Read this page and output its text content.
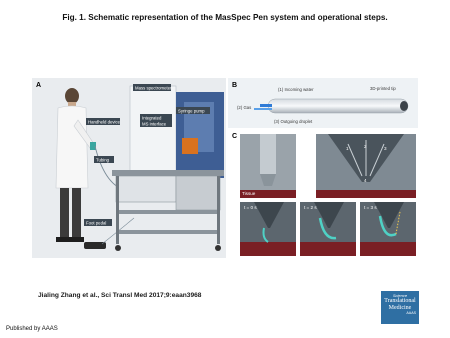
Fig. 1. Schematic representation of the MasSpec Pen system and operational steps.

A	Mass spectrometer
Syringe pump
Integrated
MS interface
Handheld device
Tubing
Foot pedal
B
(1) Incoming water
(2) Gas
(3) Outgoing droplet
3D-printed tip
C
Tissue
1	2	3
4
t = 0 s	t = 2 s	t = 3 s
Jialing Zhang et al., Sci Transl Med 2017;9:eaan3968	Science
Translational
Medicine
AAAS
Published by AAAS
